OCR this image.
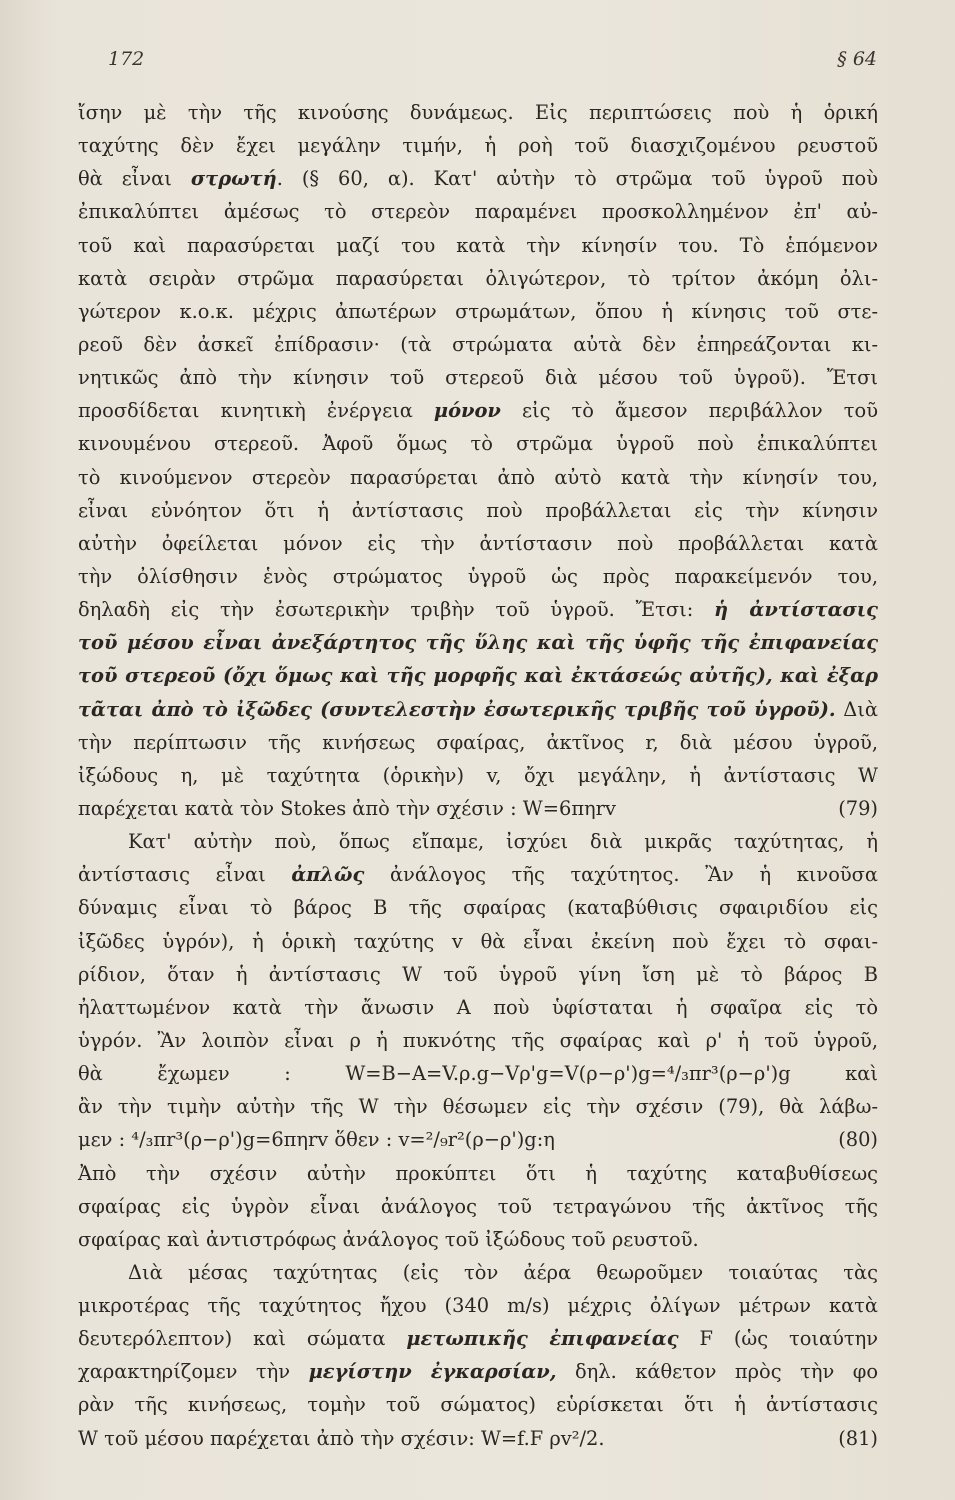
172	§ 64
ἴσην μὲ τὴν τῆς κινούσης δυνάμεως. Εἰς περιπτώσεις ποὺ ἡ ὁρική
ταχύτης δὲν ἔχει μεγάλην τιμήν, ἡ ροὴ τοῦ διασχιζομένου ρευστοῦ
θὰ εἶναι στρωτή. (§ 60, α). Κατ' αὐτὴν τὸ στρῶμα τοῦ ὑγροῦ ποὺ
ἐπικαλύπτει ἀμέσως τὸ στερεὸν παραμένει προσκολλημένον ἐπ' αὐ-
τοῦ καὶ παρασύρεται μαζί του κατὰ τὴν κίνησίν του. Τὸ ἑπόμενον
κατὰ σειρὰν στρῶμα παρασύρεται ὀλιγώτερον, τὸ τρίτον ἀκόμη ὀλι-
γώτερον κ.ο.κ. μέχρις ἀπωτέρων στρωμάτων, ὅπου ἡ κίνησις τοῦ στε-
ρεοῦ δὲν ἀσκεῖ ἐπίδρασιν· (τὰ στρώματα αὐτὰ δὲν ἐπηρεάζονται κι-
νητικῶς ἀπὸ τὴν κίνησιν τοῦ στερεοῦ διὰ μέσου τοῦ ὑγροῦ). Ἔτσι
προσδίδεται κινητικὴ ἐνέργεια μόνον εἰς τὸ ἄμεσον περιβάλλον τοῦ
κινουμένου στερεοῦ. Ἀφοῦ ὅμως τὸ στρῶμα ὑγροῦ ποὺ ἐπικαλύπτει
τὸ κινούμενον στερεὸν παρασύρεται ἀπὸ αὐτὸ κατὰ τὴν κίνησίν του,
εἶναι εὐνόητον ὅτι ἡ ἀντίστασις ποὺ προβάλλεται εἰς τὴν κίνησιν
αὐτὴν ὀφείλεται μόνον εἰς τὴν ἀντίστασιν ποὺ προβάλλεται κατὰ
τὴν ὀλίσθησιν ἑνὸς στρώματος ὑγροῦ ὡς πρὸς παρακείμενόν του,
δηλαδὴ εἰς τὴν ἐσωτερικὴν τριβὴν τοῦ ὑγροῦ. Ἔτσι: ἡ ἀντίστασις
τοῦ μέσου εἶναι ἀνεξάρτητος τῆς ὕλης καὶ τῆς ὑφῆς τῆς ἐπιφανείας
τοῦ στερεοῦ (ὄχι ὅμως καὶ τῆς μορφῆς καὶ ἐκτάσεώς αὐτῆς), καὶ ἐξαρ
τᾶται ἀπὸ τὸ ἰξῶδες (συντελεστὴν ἐσωτερικῆς τριβῆς τοῦ ὑγροῦ). Διὰ
τὴν περίπτωσιν τῆς κινήσεως σφαίρας, ἀκτῖνος r, διὰ μέσου ὑγροῦ,
ἰξώδους η, μὲ ταχύτητα (ὁρικὴν) v, ὄχι μεγάλην, ἡ ἀντίστασις W
παρέχεται κατὰ τὸν Stokes ἀπὸ τὴν σχέσιν : W=6πηrv	(79)
Κατ' αὐτὴν ποὺ, ὅπως εἴπαμε, ἰσχύει διὰ μικρᾶς ταχύτητας, ἡ
ἀντίστασις εἶναι ἀπλῶς ἀνάλογος τῆς ταχύτητος. Ἂν ἡ κινοῦσα
δύναμις εἶναι τὸ βάρος B τῆς σφαίρας (καταβύθισις σφαιριδίου εἰς
ἰξῶδες ὑγρόν), ἡ ὁρικὴ ταχύτης v θὰ εἶναι ἐκείνη ποὺ ἔχει τὸ σφαι-
ρίδιον, ὅταν ἡ ἀντίστασις W τοῦ ὑγροῦ γίνη ἴση μὲ τὸ βάρος B
ἠλαττωμένον κατὰ τὴν ἄνωσιν A ποὺ ὑφίσταται ἡ σφαῖρα εἰς τὸ
ὑγρόν. Ἂν λοιπὸν εἶναι ρ ἡ πυκνότης τῆς σφαίρας καὶ ρ' ἡ τοῦ ὑγροῦ,
θὰ ἔχωμεν : W=B−A=V.ρ.g−Vρ'g=V(ρ−ρ')g=⁴/₃πr³(ρ−ρ')g καὶ
ἂν τὴν τιμὴν αὐτὴν τῆς W τὴν θέσωμεν εἰς τὴν σχέσιν (79), θὰ λάβω-
μεν : ⁴/₃πr³(ρ−ρ')g=6πηrv ὅθεν : v=²/₉r²(ρ−ρ')g:η	(80)
Ἀπὸ τὴν σχέσιν αὐτὴν προκύπτει ὅτι ἡ ταχύτης καταβυθίσεως
σφαίρας εἰς ὑγρὸν εἶναι ἀνάλογος τοῦ τετραγώνου τῆς ἀκτῖνος τῆς
σφαίρας καὶ ἀντιστρόφως ἀνάλογος τοῦ ἰξώδους τοῦ ρευστοῦ.
Διὰ μέσας ταχύτητας (εἰς τὸν ἀέρα θεωροῦμεν τοιαύτας τὰς
μικροτέρας τῆς ταχύτητος ἤχου (340 m/s) μέχρις ὀλίγων μέτρων κατὰ
δευτερόλεπτον) καὶ σώματα μετωπικῆς ἐπιφανείας F (ὡς τοιαύτην
χαρακτηρίζομεν τὴν μεγίστην ἐγκαρσίαν, δηλ. κάθετον πρὸς τὴν φο
ρὰν τῆς κινήσεως, τομὴν τοῦ σώματος) εὑρίσκεται ὅτι ἡ ἀντίστασις
W τοῦ μέσου παρέχεται ἀπὸ τὴν σχέσιν: W=f.F ρv²/2.	(81)
